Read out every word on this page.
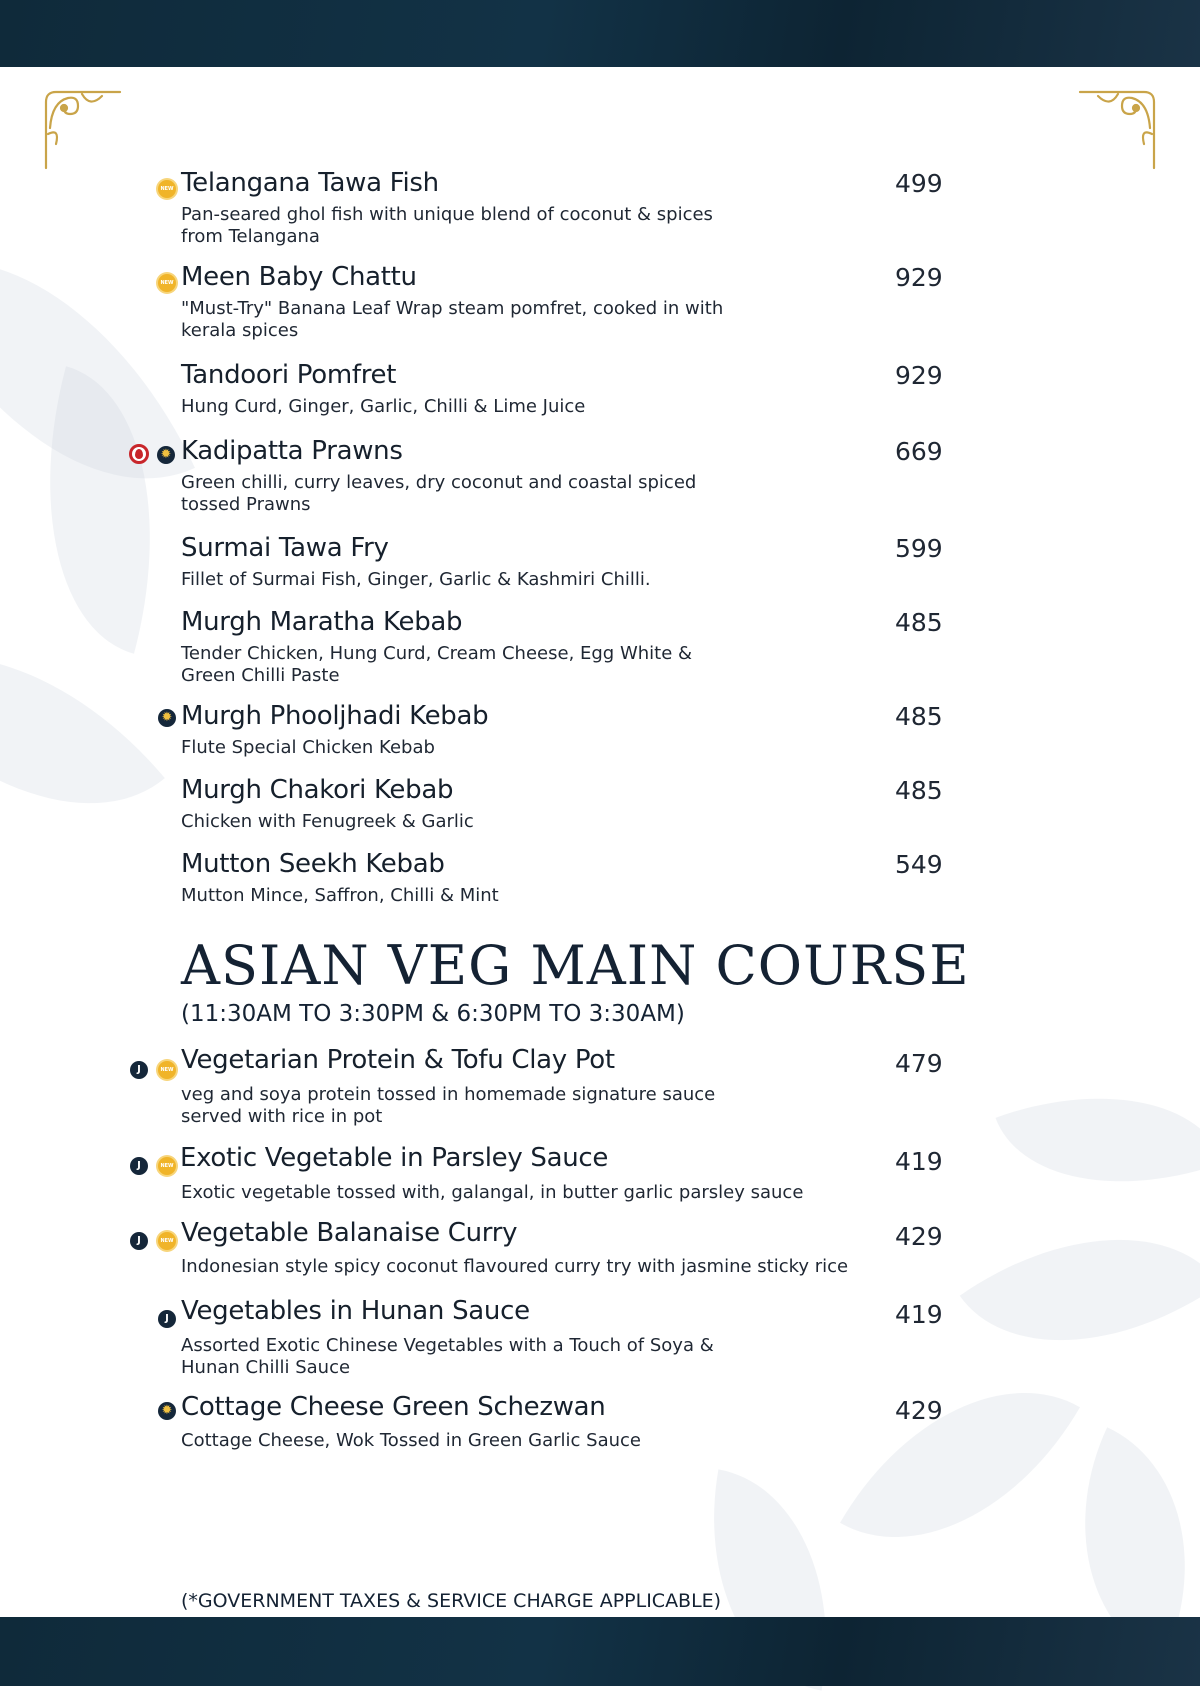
NEW
Telangana Tawa Fish	499
Pan-seared ghol fish with unique blend of coconut & spices from Telangana
NEW
Meen Baby Chattu	929
"Must-Try" Banana Leaf Wrap steam pomfret, cooked in with kerala spices
Tandoori Pomfret	929
Hung Curd, Ginger, Garlic, Chilli & Lime Juice
✹ Kadipatta Prawns	669
Green chilli, curry leaves, dry coconut and coastal spiced tossed Prawns
Surmai Tawa Fry	599
Fillet of Surmai Fish, Ginger, Garlic & Kashmiri Chilli.
Murgh Maratha Kebab	485
Tender Chicken, Hung Curd, Cream Cheese, Egg White & Green Chilli Paste
✹ Murgh Phooljhadi Kebab	485
Flute Special Chicken Kebab
Murgh Chakori Kebab	485
Chicken with Fenugreek & Garlic
Mutton Seekh Kebab	549
Mutton Mince, Saffron, Chilli & Mint
ASIAN VEG MAIN COURSE
(11:30AM TO 3:30PM & 6:30PM TO 3:30AM)
J NEW Vegetarian Protein & Tofu Clay Pot	479
veg and soya protein tossed in homemade signature sauce served with rice in pot
J NEW Exotic Vegetable in Parsley Sauce	419
Exotic vegetable tossed with, galangal, in butter garlic parsley sauce
J NEW Vegetable Balanaise Curry	429
Indonesian style spicy coconut flavoured curry try with jasmine sticky rice
J Vegetables in Hunan Sauce	419
Assorted Exotic Chinese Vegetables with a Touch of Soya & Hunan Chilli Sauce
✹ Cottage Cheese Green Schezwan	429
Cottage Cheese, Wok Tossed in Green Garlic Sauce
(*GOVERNMENT TAXES & SERVICE CHARGE APPLICABLE)
